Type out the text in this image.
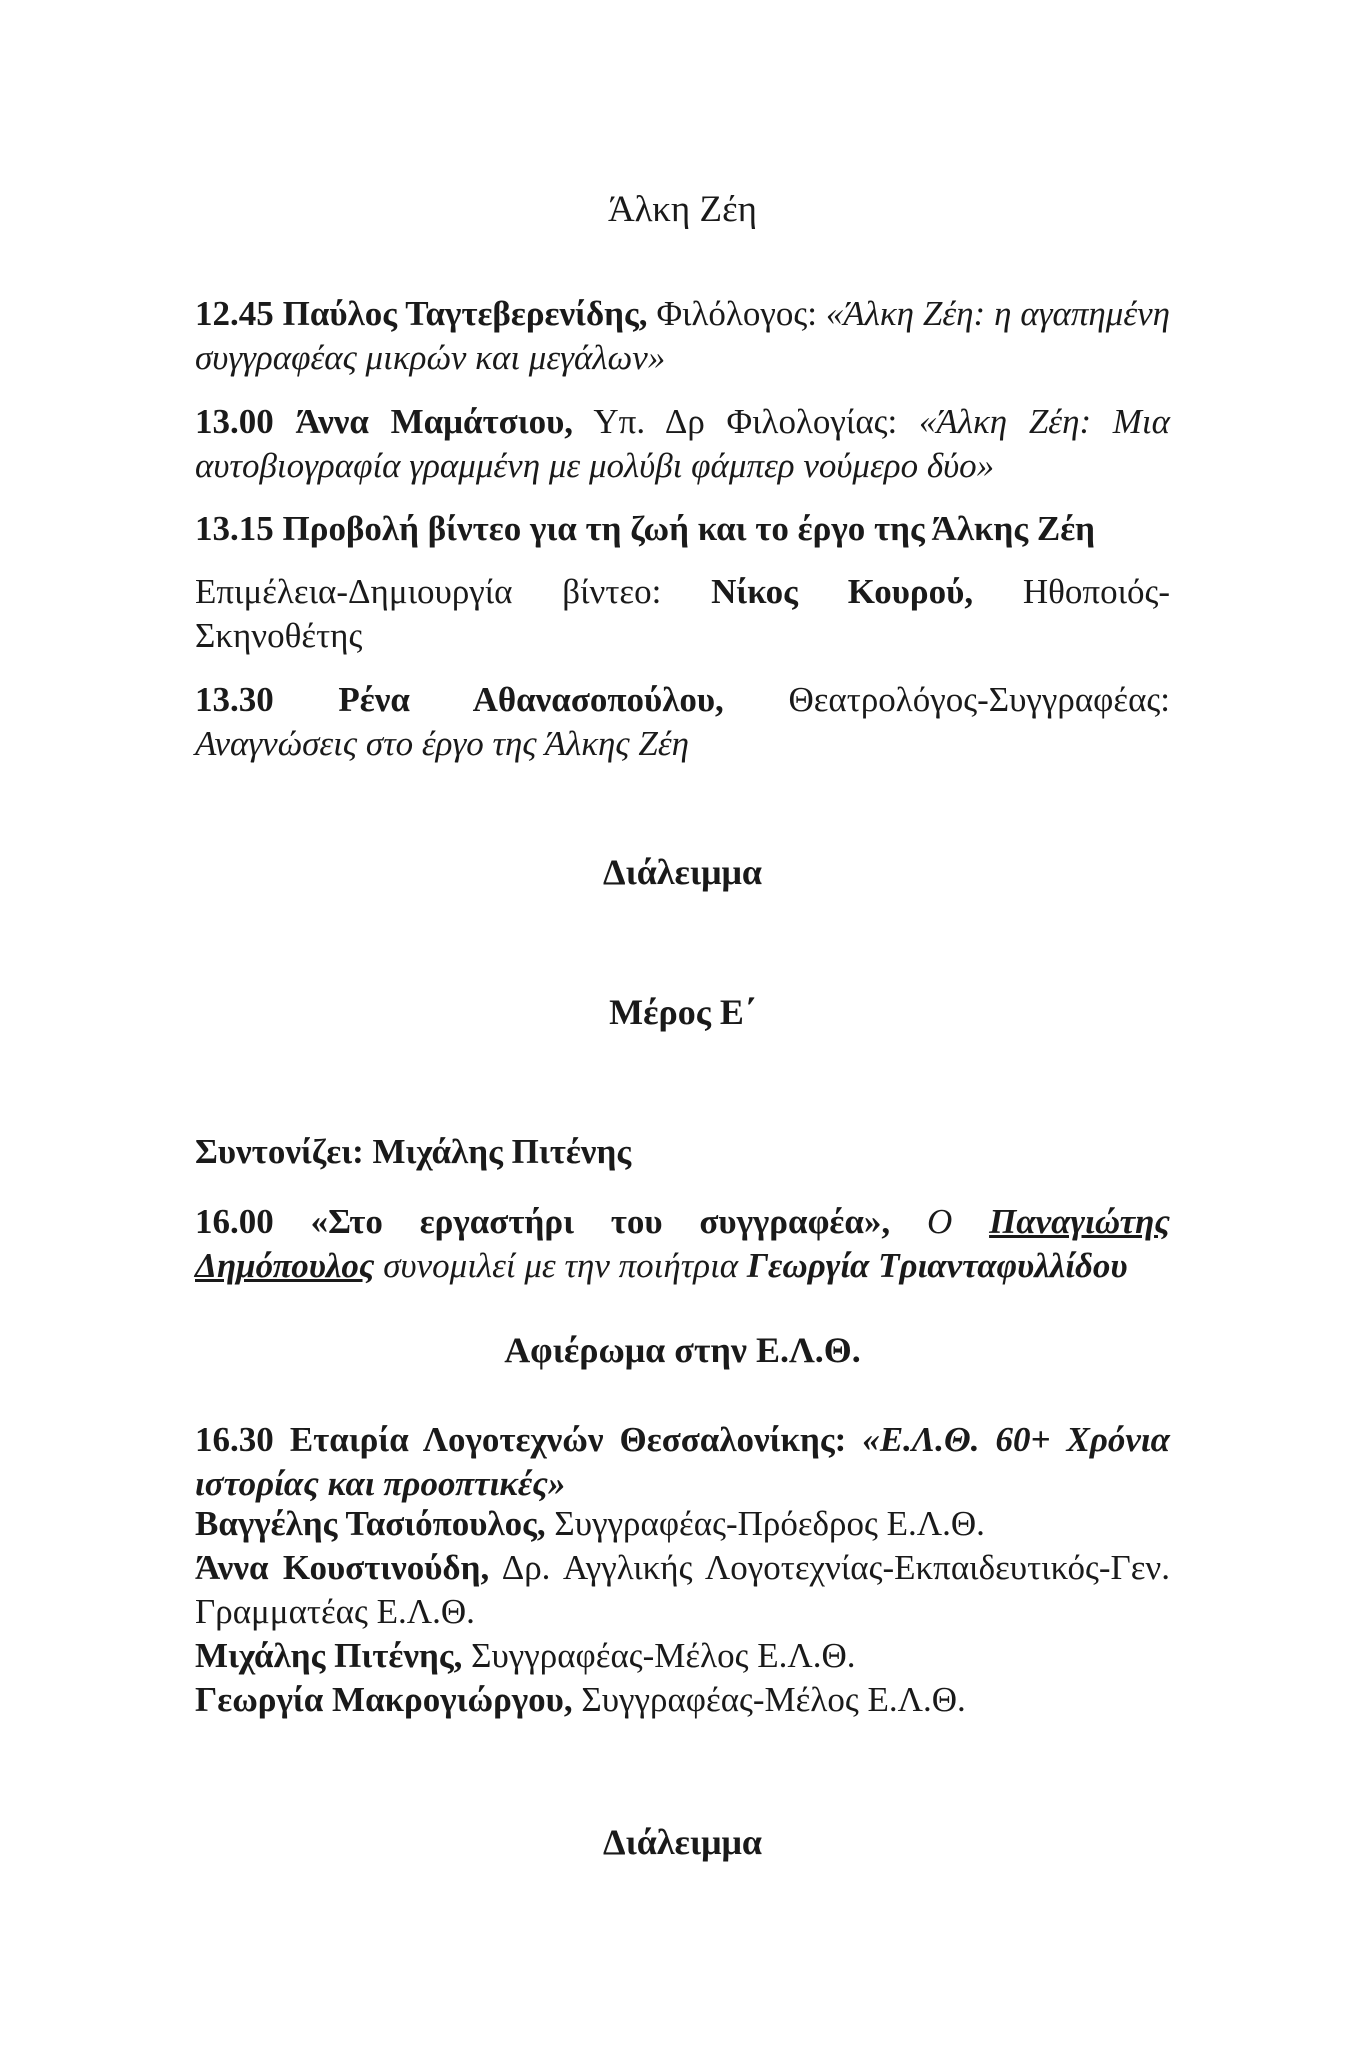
Άλκη Ζέη
12.45 Παύλος Ταγτεβερενίδης, Φιλόλογος: «Άλκη Ζέη: η αγαπημένη συγγραφέας μικρών και μεγάλων»
13.00 Άννα Μαμάτσιου, Υπ. Δρ Φιλολογίας: «Άλκη Ζέη: Μια αυτοβιογραφία γραμμένη με μολύβι φάμπερ νούμερο δύο»
13.15 Προβολή βίντεο για τη ζωή και το έργο της Άλκης Ζέη
Επιμέλεια-Δημιουργία βίντεο: Νίκος Κουρού, Ηθοποιός-Σκηνοθέτης
13.30 Ρένα Αθανασοπούλου, Θεατρολόγος-Συγγραφέας: Αναγνώσεις στο έργο της Άλκης Ζέη
Διάλειμμα
Μέρος Ε΄
Συντονίζει: Μιχάλης Πιτένης
16.00 «Στο εργαστήρι του συγγραφέα», Ο Παναγιώτης Δημόπουλος συνομιλεί με την ποιήτρια Γεωργία Τριανταφυλλίδου
Αφιέρωμα στην Ε.Λ.Θ.
16.30 Εταιρία Λογοτεχνών Θεσσαλονίκης: «Ε.Λ.Θ. 60+ Χρόνια ιστορίας και προοπτικές»
Βαγγέλης Τασιόπουλος, Συγγραφέας-Πρόεδρος Ε.Λ.Θ.
Άννα Κουστινούδη, Δρ. Αγγλικής Λογοτεχνίας-Εκπαιδευτικός-Γεν. Γραμματέας Ε.Λ.Θ.
Μιχάλης Πιτένης, Συγγραφέας-Μέλος Ε.Λ.Θ.
Γεωργία Μακρογιώργου, Συγγραφέας-Μέλος Ε.Λ.Θ.
Διάλειμμα
